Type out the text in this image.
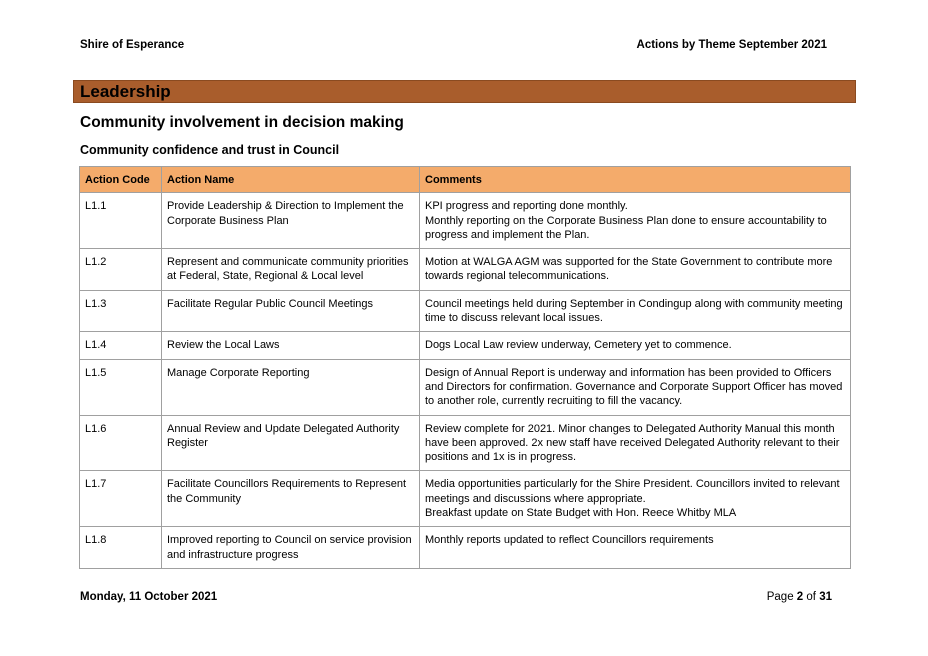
Shire of Esperance	Actions by Theme September 2021
Leadership
Community involvement in decision making
Community confidence and trust in Council
Action Code	Action Name	Comments
L1.1	Provide Leadership & Direction to Implement the Corporate Business Plan	KPI progress and reporting done monthly.
Monthly reporting on the Corporate Business Plan done to ensure accountability to progress and implement the Plan.

L1.2	Represent and communicate community priorities at Federal, State, Regional & Local level	Motion at WALGA AGM was supported for the State Government to contribute more towards regional telecommunications.

L1.3	Facilitate Regular Public Council Meetings	Council meetings held during September in Condingup along with community meeting time to discuss relevant local issues.

L1.4	Review the Local Laws	Dogs Local Law review underway, Cemetery yet to commence.

L1.5	Manage Corporate Reporting	Design of Annual Report is underway and information has been provided to Officers and Directors for confirmation. Governance and Corporate Support Officer has moved to another role, currently recruiting to fill the vacancy.

L1.6	Annual Review and Update Delegated Authority Register	Review complete for 2021. Minor changes to Delegated Authority Manual this month have been approved. 2x new staff have received Delegated Authority relevant to their positions and 1x is in progress.

L1.7	Facilitate Councillors Requirements to Represent the Community	Media opportunities particularly for the Shire President. Councillors invited to relevant meetings and discussions where appropriate.
Breakfast update on State Budget with Hon. Reece Whitby MLA

L1.8	Improved reporting to Council on service provision and infrastructure progress	Monthly reports updated to reflect Councillors requirements
Monday, 11 October 2021	Page 2 of 31
